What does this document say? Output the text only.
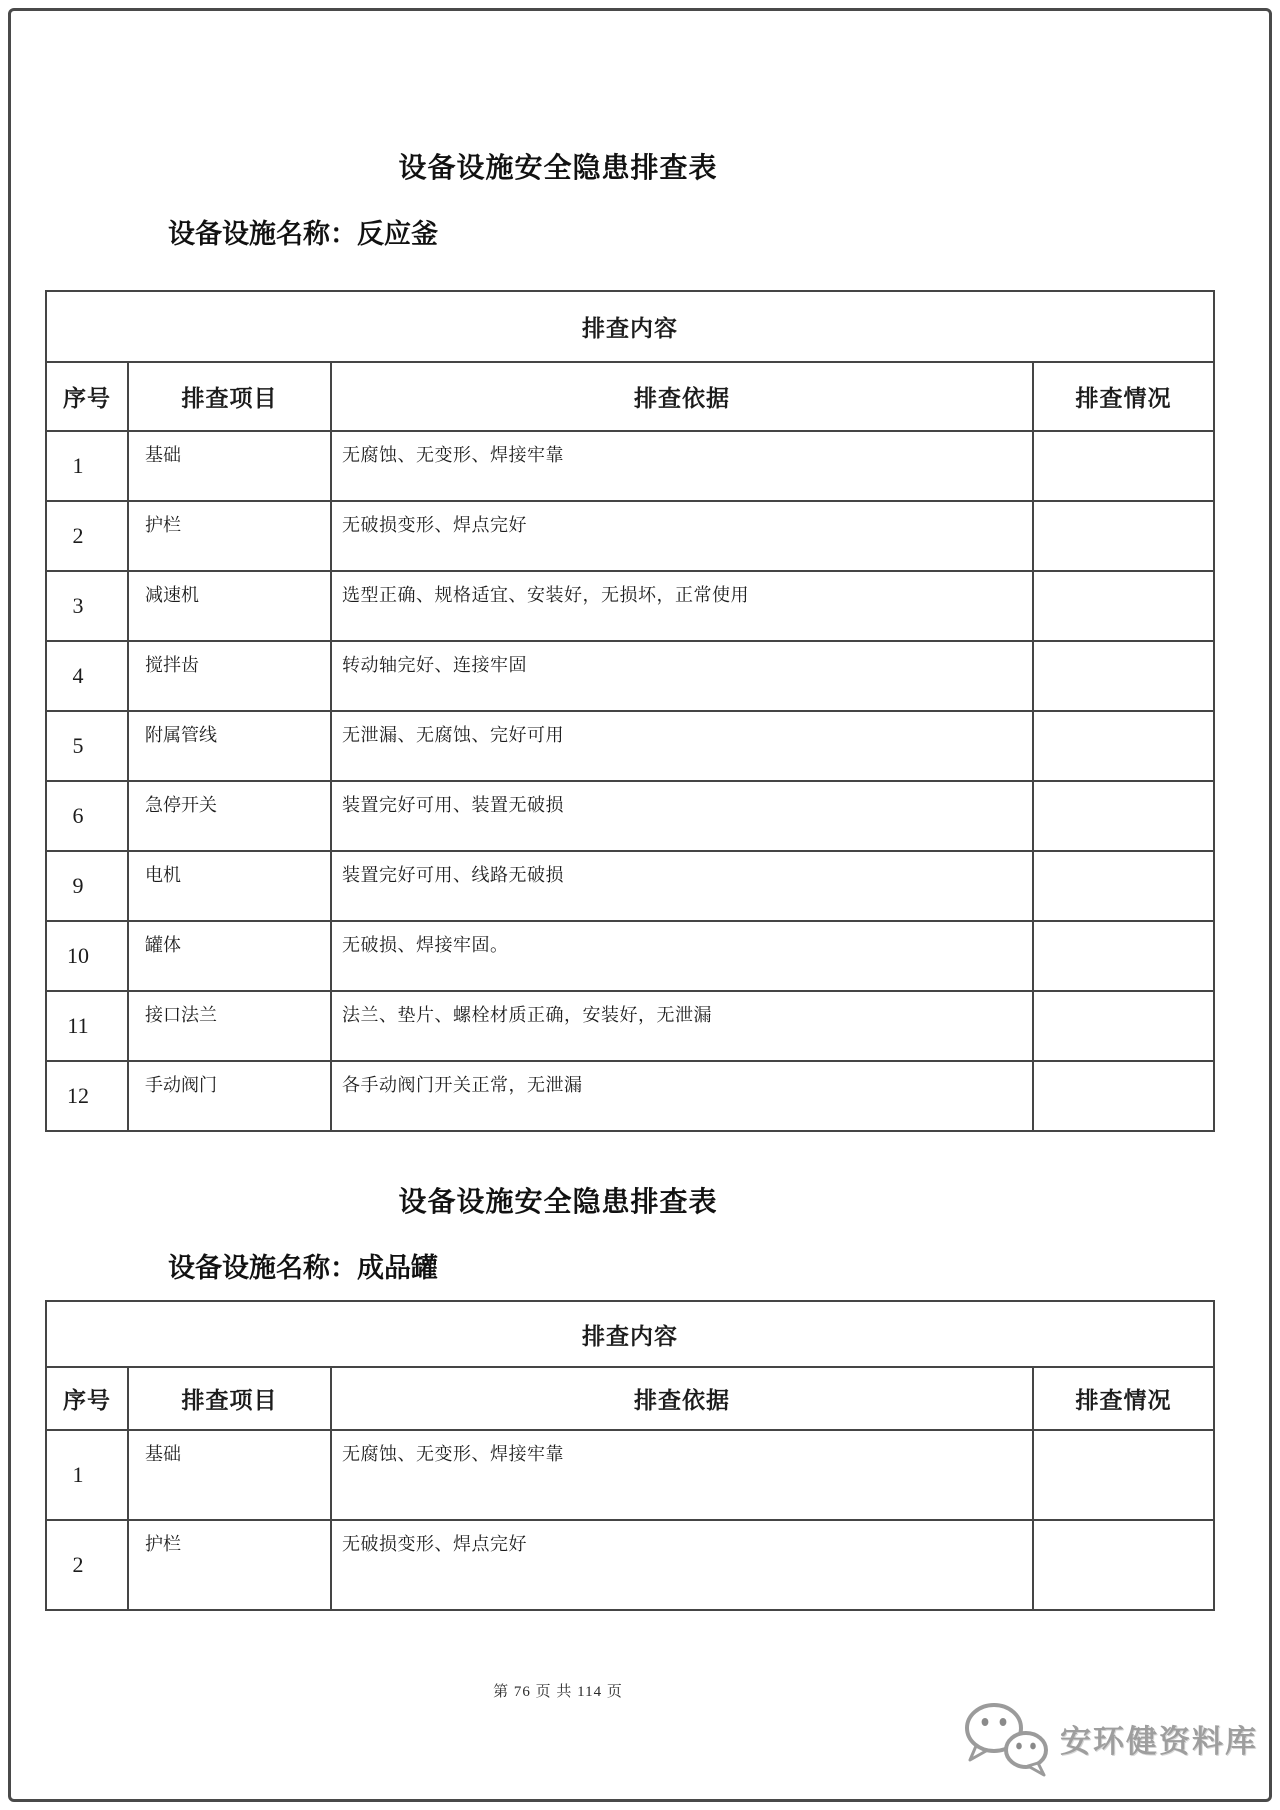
设备设施安全隐患排查表
设备设施名称：反应釜
排查内容			
序号	排查项目	排查依据	排查情况
1	基础	无腐蚀、无变形、焊接牢靠	
2	护栏	无破损变形、焊点完好	
3	减速机	选型正确、规格适宜、安装好，无损坏，正常使用	
4	搅拌齿	转动轴完好、连接牢固	
5	附属管线	无泄漏、无腐蚀、完好可用	
6	急停开关	装置完好可用、装置无破损	
9	电机	装置完好可用、线路无破损	
10	罐体	无破损、焊接牢固。	
11	接口法兰	法兰、垫片、螺栓材质正确，安装好，无泄漏	
12	手动阀门	各手动阀门开关正常，无泄漏	
设备设施安全隐患排查表
设备设施名称：成品罐
排查内容			
序号	排查项目	排查依据	排查情况
1	基础	无腐蚀、无变形、焊接牢靠	
2	护栏	无破损变形、焊点完好	
第 76 页 共 114 页
安环健资料库
